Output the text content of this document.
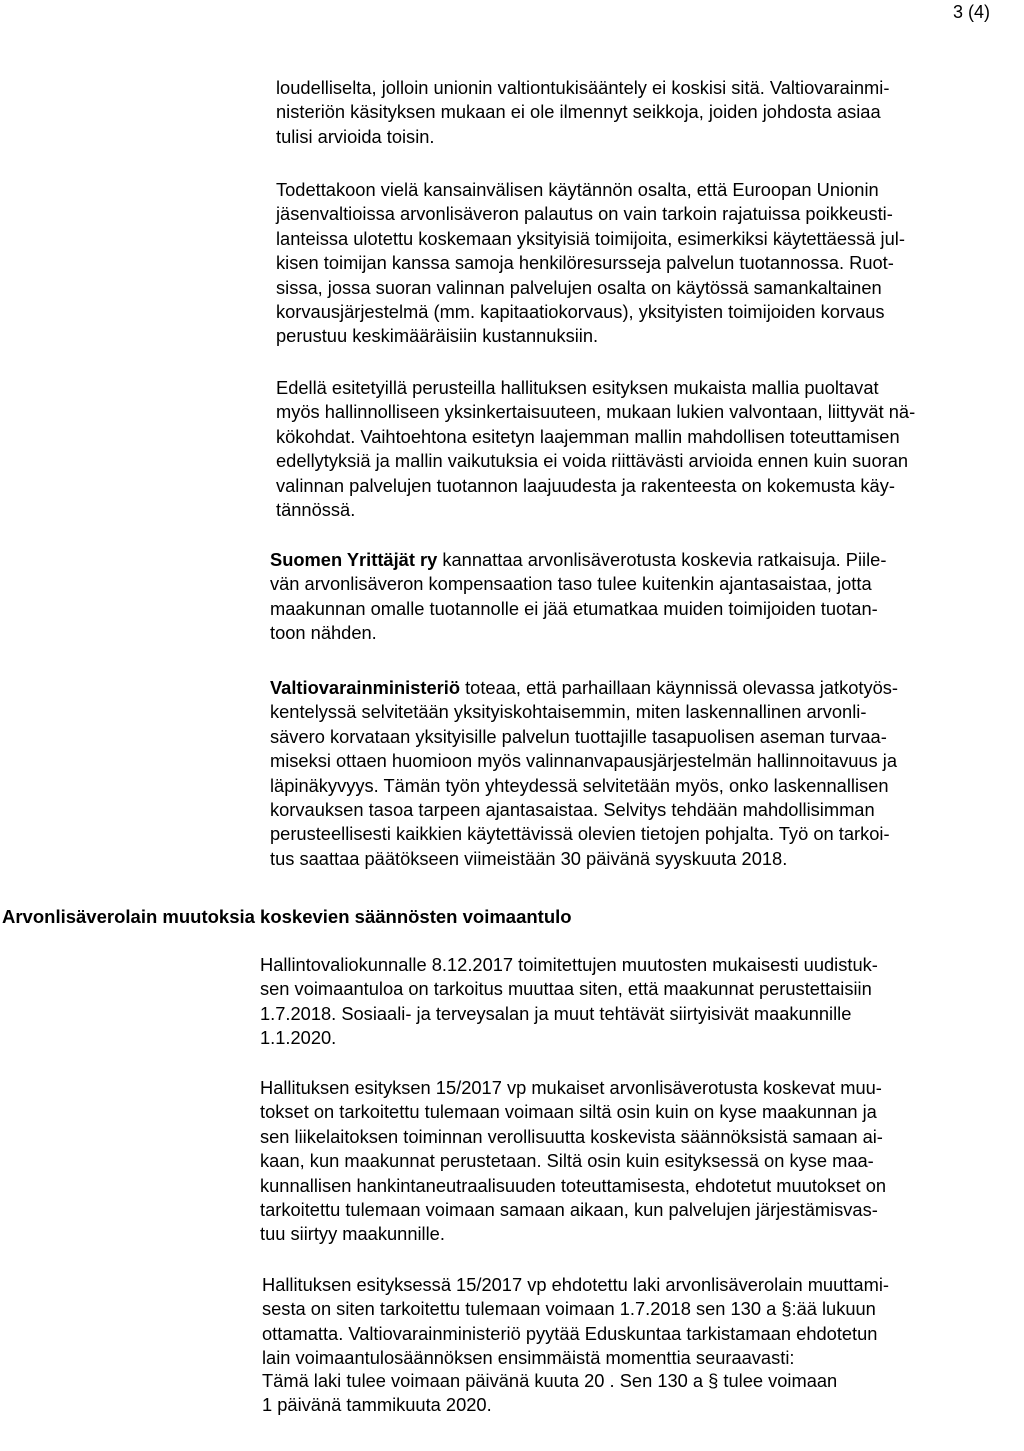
3 (4)

loudelliselta, jolloin unionin valtiontukisääntely ei koskisi sitä. Valtiovarainmi-
nisteriön käsityksen mukaan ei ole ilmennyt seikkoja, joiden johdosta asiaa
tulisi arvioida toisin.

Todettakoon vielä kansainvälisen käytännön osalta, että Euroopan Unionin
jäsenvaltioissa arvonlisäveron palautus on vain tarkoin rajatuissa poikkeusti-
lanteissa ulotettu koskemaan yksityisiä toimijoita, esimerkiksi käytettäessä jul-
kisen toimijan kanssa samoja henkilöresursseja palvelun tuotannossa. Ruot-
sissa, jossa suoran valinnan palvelujen osalta on käytössä samankaltainen
korvausjärjestelmä (mm. kapitaatiokorvaus), yksityisten toimijoiden korvaus
perustuu keskimääräisiin kustannuksiin.

Edellä esitetyillä perusteilla hallituksen esityksen mukaista mallia puoltavat
myös hallinnolliseen yksinkertaisuuteen, mukaan lukien valvontaan, liittyvät nä-
kökohdat. Vaihtoehtona esitetyn laajemman mallin mahdollisen toteuttamisen
edellytyksiä ja mallin vaikutuksia ei voida riittävästi arvioida ennen kuin suoran
valinnan palvelujen tuotannon laajuudesta ja rakenteesta on kokemusta käy-
tännössä.

Suomen Yrittäjät ry kannattaa arvonlisäverotusta koskevia ratkaisuja. Piile-
vän arvonlisäveron kompensaation taso tulee kuitenkin ajantasaistaa, jotta
maakunnan omalle tuotannolle ei jää etumatkaa muiden toimijoiden tuotan-
toon nähden.

Valtiovarainministeriö toteaa, että parhaillaan käynnissä olevassa jatkotyös-
kentelyssä selvitetään yksityiskohtaisemmin, miten laskennallinen arvonli-
sävero korvataan yksityisille palvelun tuottajille tasapuolisen aseman turvaa-
miseksi ottaen huomioon myös valinnanvapausjärjestelmän hallinnoitavuus ja
läpinäkyvyys. Tämän työn yhteydessä selvitetään myös, onko laskennallisen
korvauksen tasoa tarpeen ajantasaistaa. Selvitys tehdään mahdollisimman
perusteellisesti kaikkien käytettävissä olevien tietojen pohjalta. Työ on tarkoi-
tus saattaa päätökseen viimeistään 30 päivänä syyskuuta 2018.

Arvonlisäverolain muutoksia koskevien säännösten voimaantulo

Hallintovaliokunnalle 8.12.2017 toimitettujen muutosten mukaisesti uudistuk-
sen voimaantuloa on tarkoitus muuttaa siten, että maakunnat perustettaisiin
1.7.2018. Sosiaali- ja terveysalan ja muut tehtävät siirtyisivät maakunnille
1.1.2020.

Hallituksen esityksen 15/2017 vp mukaiset arvonlisäverotusta koskevat muu-
tokset on tarkoitettu tulemaan voimaan siltä osin kuin on kyse maakunnan ja
sen liikelaitoksen toiminnan verollisuutta koskevista säännöksistä samaan ai-
kaan, kun maakunnat perustetaan. Siltä osin kuin esityksessä on kyse maa-
kunnallisen hankintaneutraalisuuden toteuttamisesta, ehdotetut muutokset on
tarkoitettu tulemaan voimaan samaan aikaan, kun palvelujen järjestämisvas-
tuu siirtyy maakunnille.

Hallituksen esityksessä 15/2017 vp ehdotettu laki arvonlisäverolain muuttami-
sesta on siten tarkoitettu tulemaan voimaan 1.7.2018 sen 130 a §:ää lukuun
ottamatta. Valtiovarainministeriö pyytää Eduskuntaa tarkistamaan ehdotetun
lain voimaantulosäännöksen ensimmäistä momenttia seuraavasti:

Tämä laki tulee voimaan päivänä kuuta 20 . Sen 130 a § tulee voimaan
1 päivänä tammikuuta 2020.
